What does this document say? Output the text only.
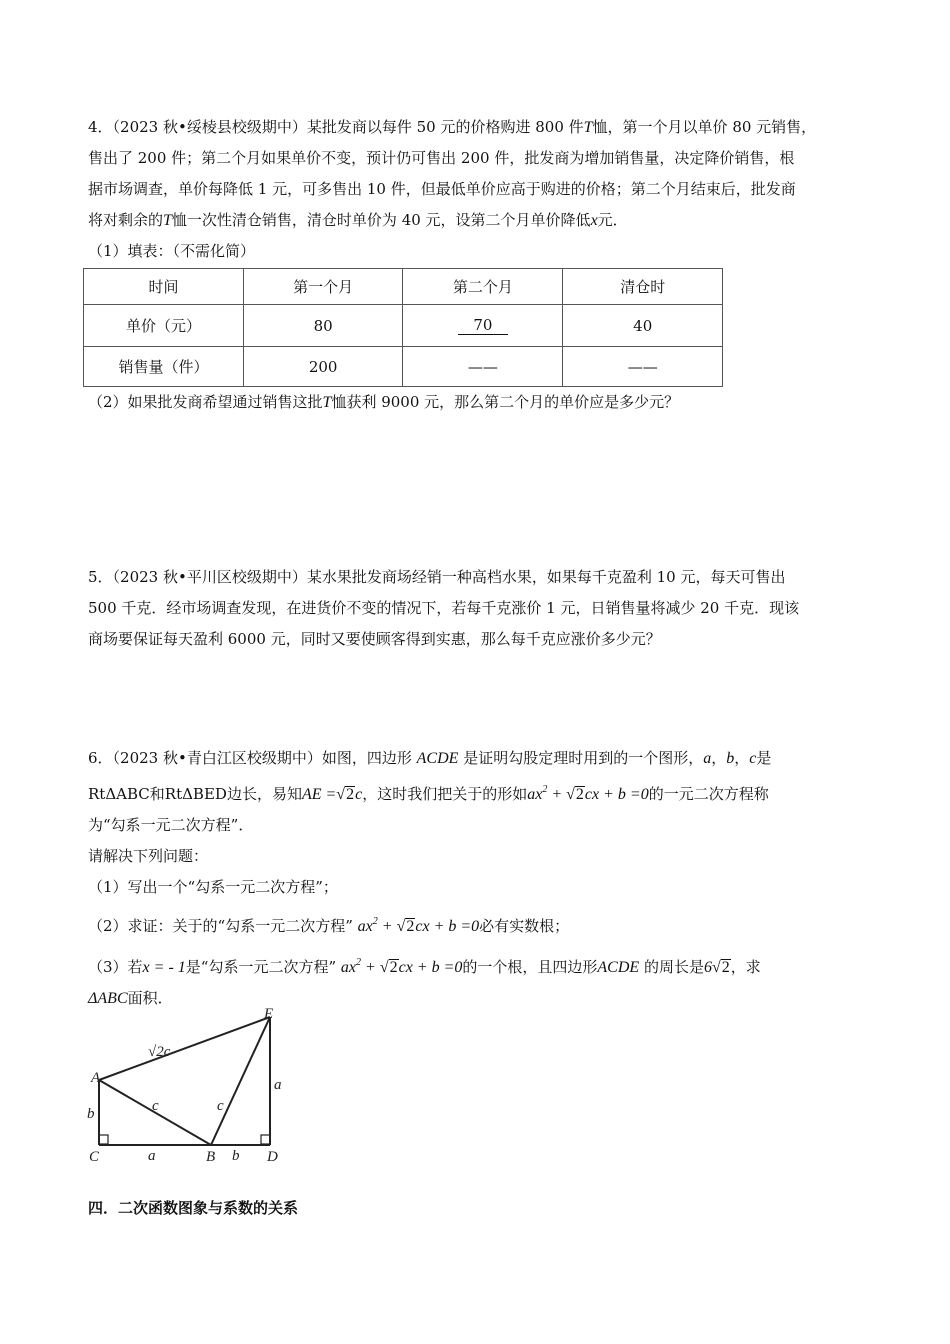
4．（2023 秋•绥棱县校级期中）某批发商以每件 50 元的价格购进 800 件T恤，第一个月以单价 80 元销售，
售出了 200 件；第二个月如果单价不变，预计仍可售出 200 件，批发商为增加销售量，决定降价销售，根
据市场调查，单价每降低 1 元，可多售出 10 件，但最低单价应高于购进的价格；第二个月结束后，批发商
将对剩余的T恤一次性清仓销售，清仓时单价为 40 元，设第二个月单价降低x元．
（1）填表：（不需化简）
时间	第一个月	第二个月	清仓时
单价（元）	80	70	40
销售量（件）	200	——	——
（2）如果批发商希望通过销售这批T恤获利 9000 元，那么第二个月的单价应是多少元？
5．（2023 秋•平川区校级期中）某水果批发商场经销一种高档水果，如果每千克盈利 10 元，每天可售出
500 千克．经市场调查发现，在进货价不变的情况下，若每千克涨价 1 元，日销售量将减少 20 千克．现该
商场要保证每天盈利 6000 元，同时又要使顾客得到实惠，那么每千克应涨价多少元？
6．（2023 秋•青白江区校级期中）如图，四边形 ACDE 是证明勾股定理时用到的一个图形，a，b，c是
RtΔABC和RtΔBED边长，易知AE =√2c，这时我们把关于的形如$ax^2 + √2cx + b =0$的一元二次方程称
为“勾系一元二次方程”．
请解决下列问题：
（1）写出一个“勾系一元二次方程”；
（2）求证：关于的“勾系一元二次方程” $ax^2 + √2cx + b =0$必有实数根；
（3）若x = - 1是“勾系一元二次方程” $ax^2 + √2cx + b =0$的一个根，且四边形ACDE 的周长是6√2，求
ΔABC面积．
A
B
C	D
E
√2c
c	c
b
a	b
a
四．二次函数图象与系数的关系
